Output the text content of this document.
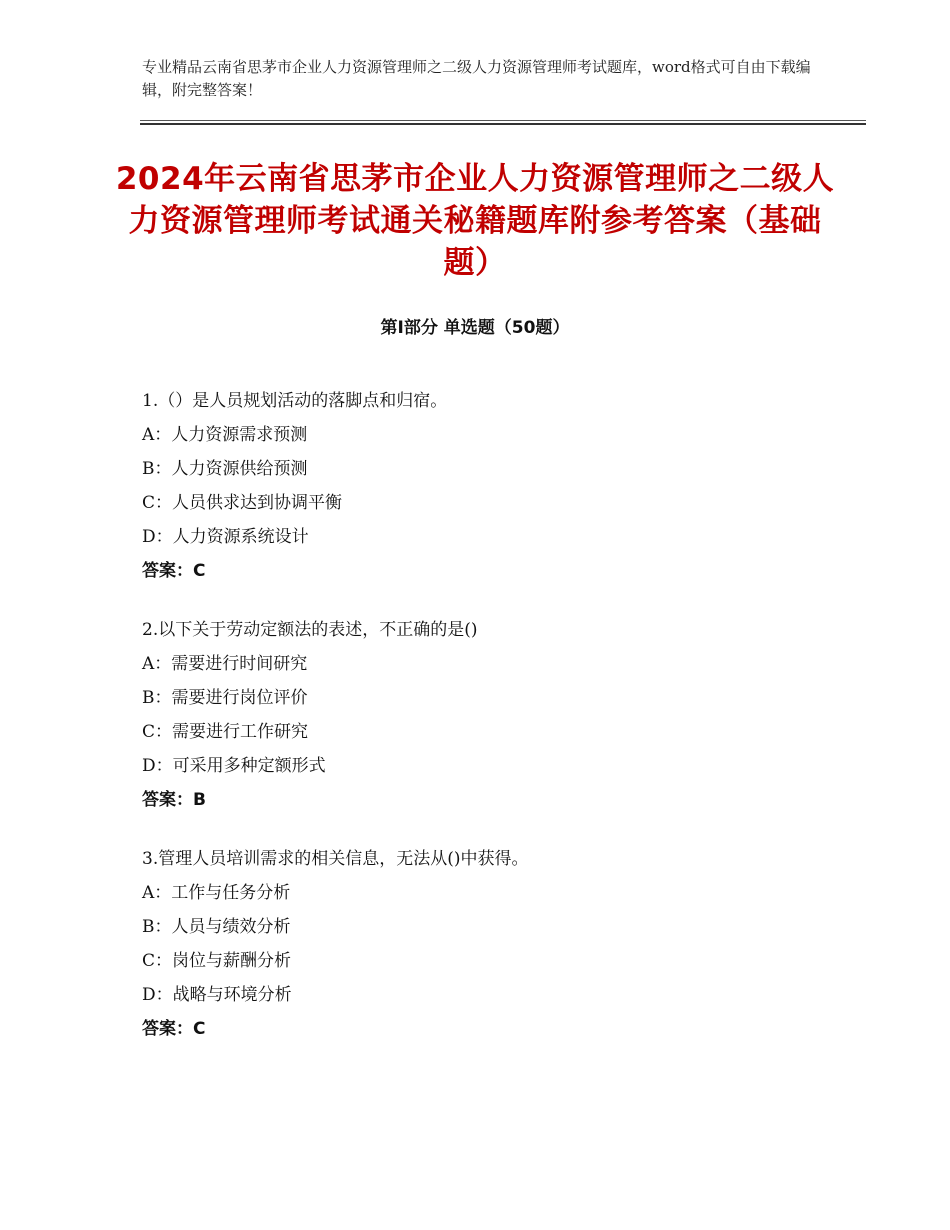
专业精品云南省思茅市企业人力资源管理师之二级人力资源管理师考试题库，word格式可自由下载编辑，附完整答案！
2024年云南省思茅市企业人力资源管理师之二级人力资源管理师考试通关秘籍题库附参考答案（基础题）
第Ⅰ部分 单选题（50题）
1.（）是人员规划活动的落脚点和归宿。
A：人力资源需求预测
B：人力资源供给预测
C：人员供求达到协调平衡
D：人力资源系统设计
答案：C
2.以下关于劳动定额法的表述，不正确的是()
A：需要进行时间研究
B：需要进行岗位评价
C：需要进行工作研究
D：可采用多种定额形式
答案：B
3.管理人员培训需求的相关信息，无法从()中获得。
A：工作与任务分析
B：人员与绩效分析
C：岗位与薪酬分析
D：战略与环境分析
答案：C
